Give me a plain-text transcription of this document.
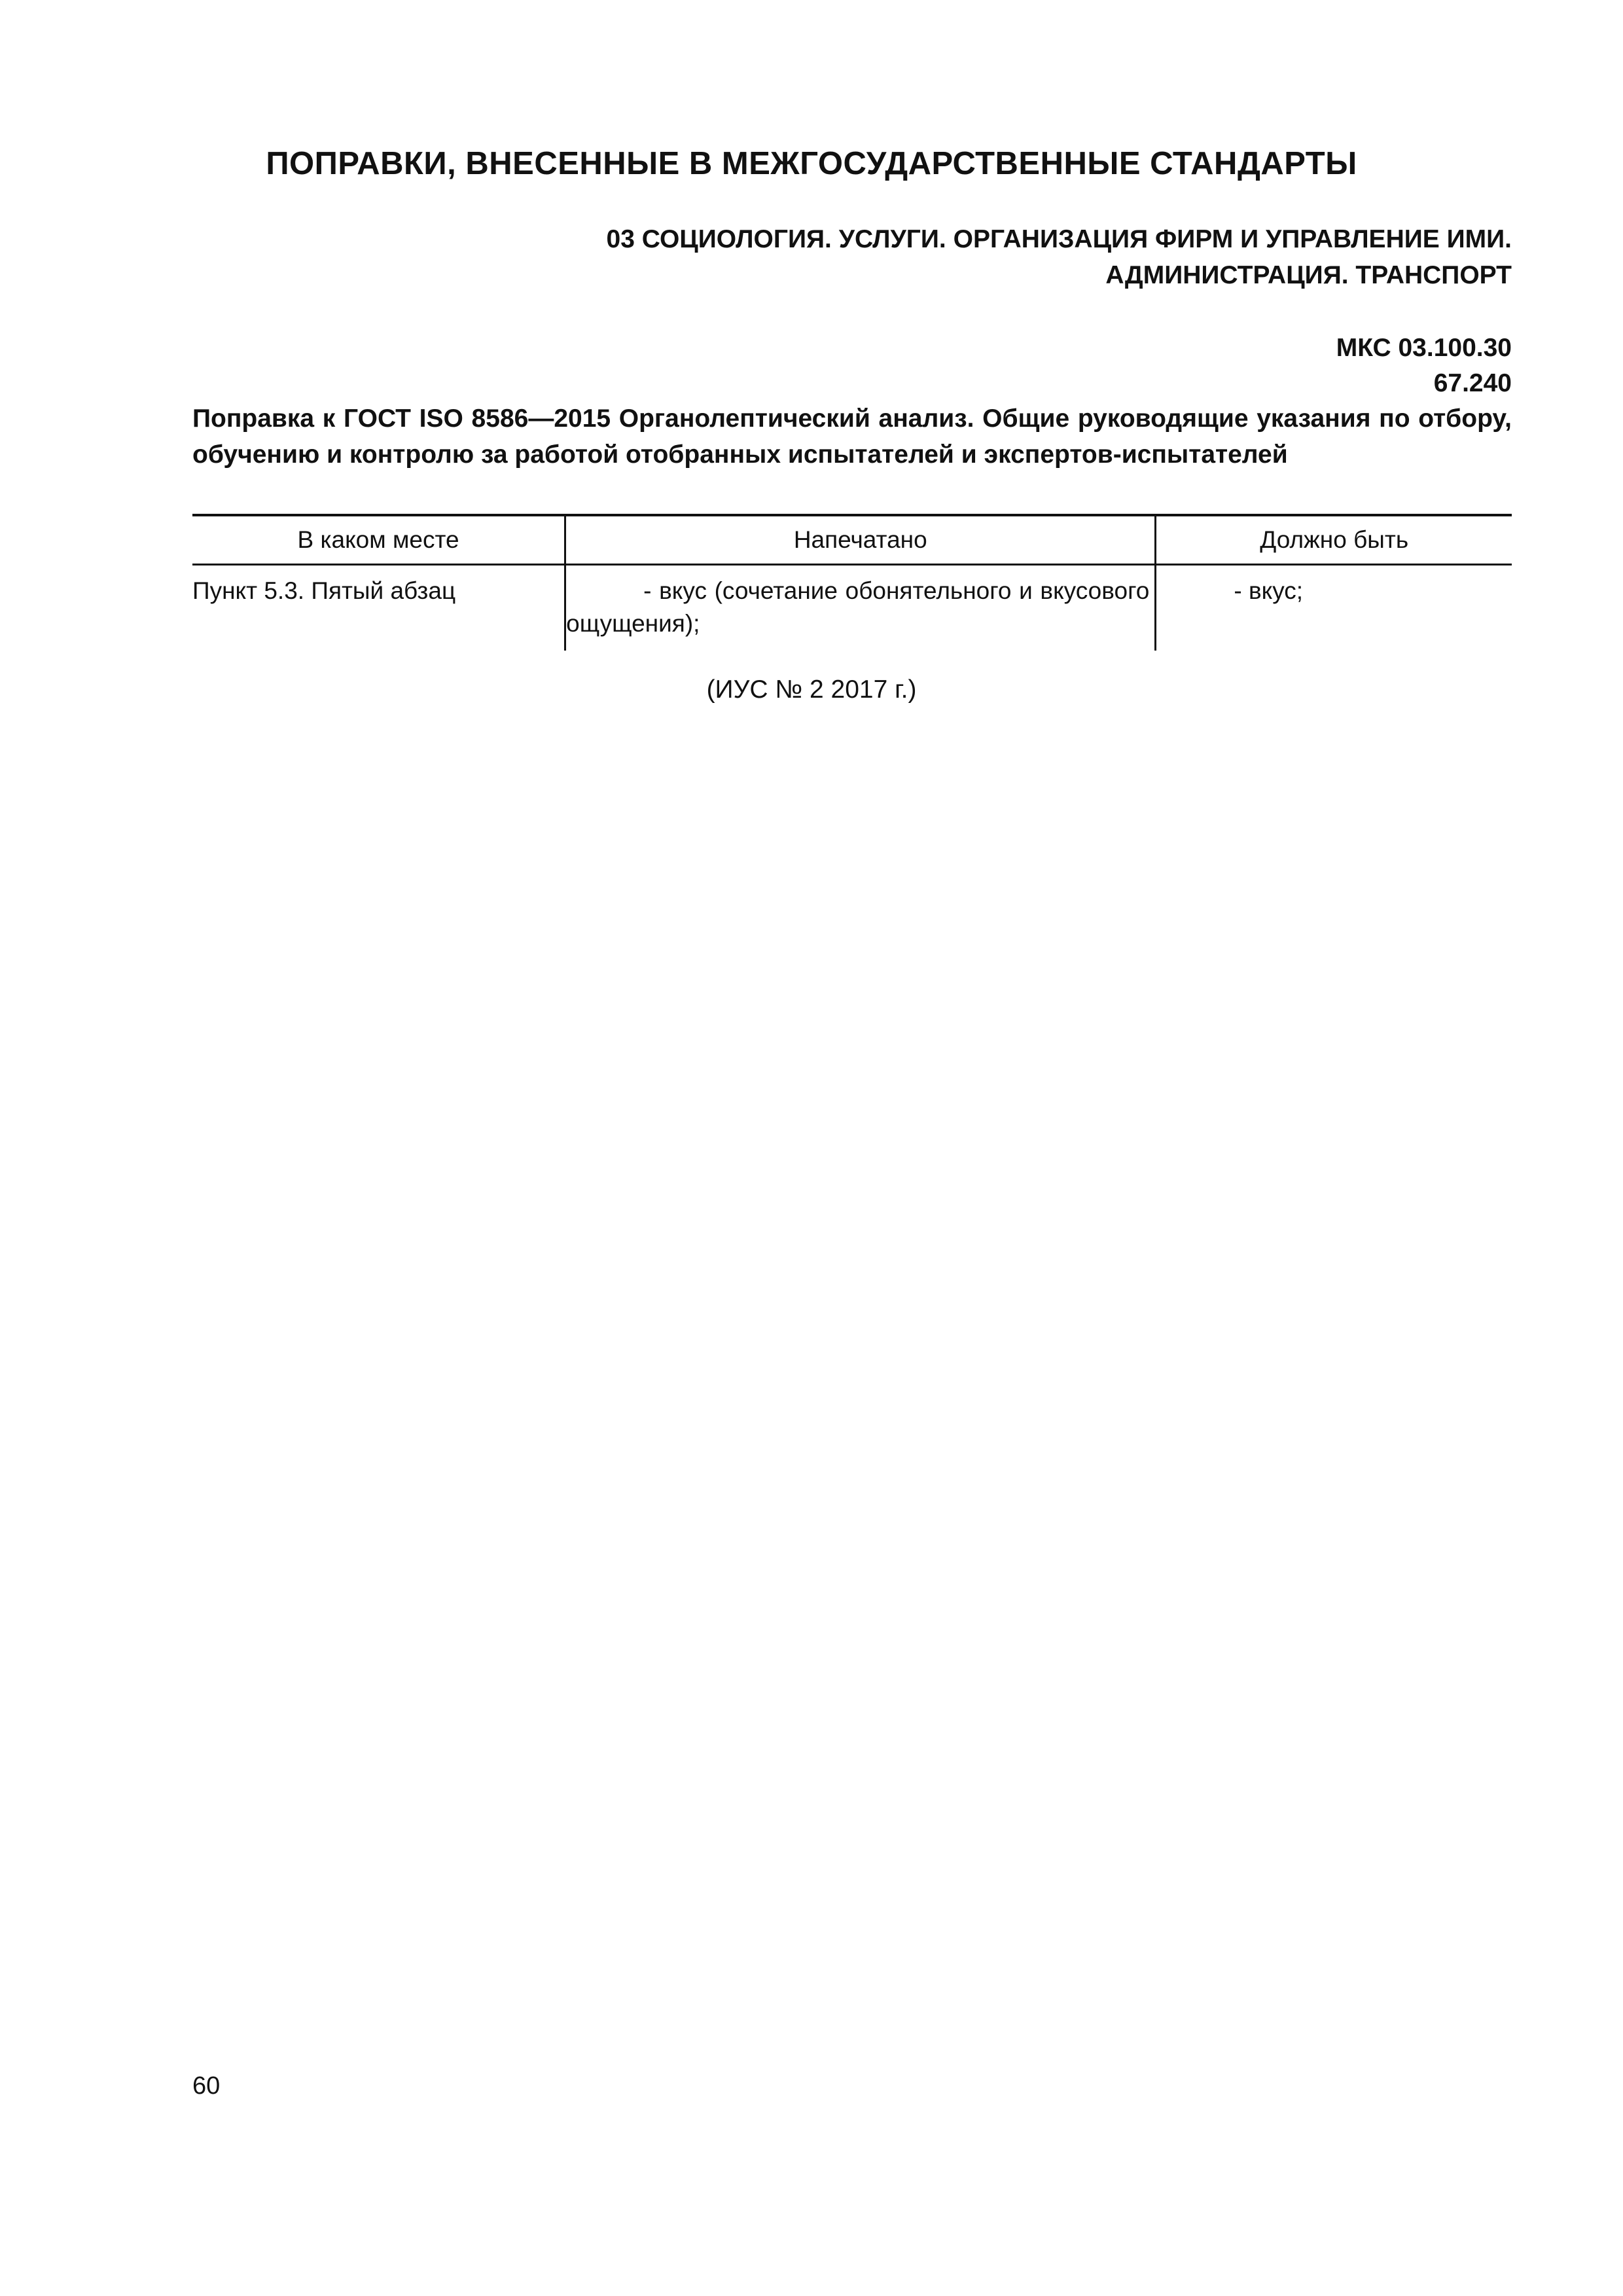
ПОПРАВКИ, ВНЕСЕННЫЕ В МЕЖГОСУДАРСТВЕННЫЕ СТАНДАРТЫ
03 СОЦИОЛОГИЯ. УСЛУГИ. ОРГАНИЗАЦИЯ ФИРМ И УПРАВЛЕНИЕ ИМИ.
АДМИНИСТРАЦИЯ. ТРАНСПОРТ
МКС 03.100.30
67.240

Поправка к ГОСТ ISO 8586—2015 Органолептический анализ. Общие руководящие указания по отбору, обучению и контролю за работой отобранных испытателей и экспертов-испытателей

В каком месте	Напечатано	Должно быть
Пункт 5.3. Пятый абзац	- вкус (сочетание обонятельного и вкусового ощущения);	- вкус;
(ИУС № 2 2017 г.)
60
